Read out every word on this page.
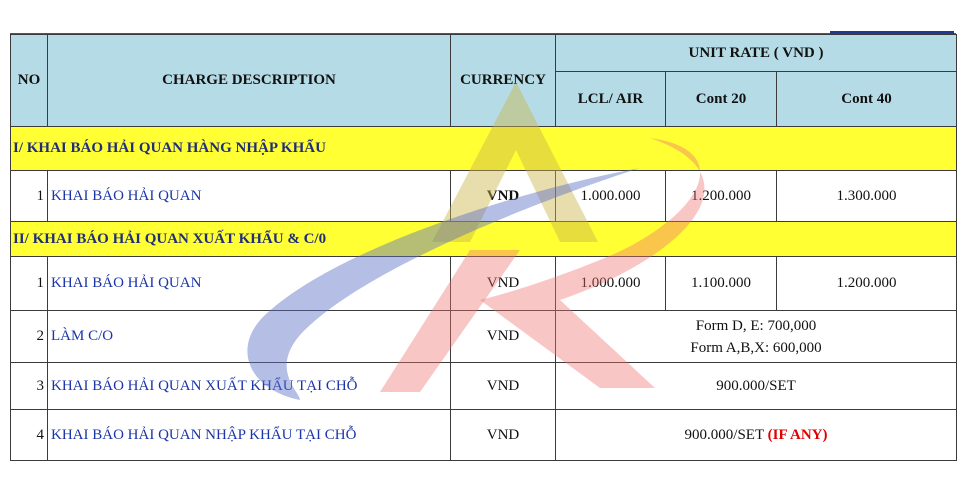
NO	CHARGE DESCRIPTION	CURRENCY	UNIT RATE ( VND )		
			LCL/ AIR	Cont 20	Cont 40
I/ KHAI BÁO HẢI QUAN HÀNG NHẬP KHẨU					
1	KHAI BÁO HẢI QUAN	VND	1.000.000	1.200.000	1.300.000
II/ KHAI BÁO HẢI QUAN XUẤT KHẨU & C/0					
1	KHAI BÁO HẢI QUAN	VND	1.000.000	1.100.000	1.200.000
2	LÀM C/O	VND	Form D, E: 700,000
Form A,B,X: 600,000		

3	KHAI BÁO HẢI QUAN XUẤT KHẨU TẠI CHỖ	VND	900.000/SET		
4	KHAI BÁO HẢI QUAN NHẬP KHẨU TẠI CHỖ	VND	900.000/SET (IF ANY)		
